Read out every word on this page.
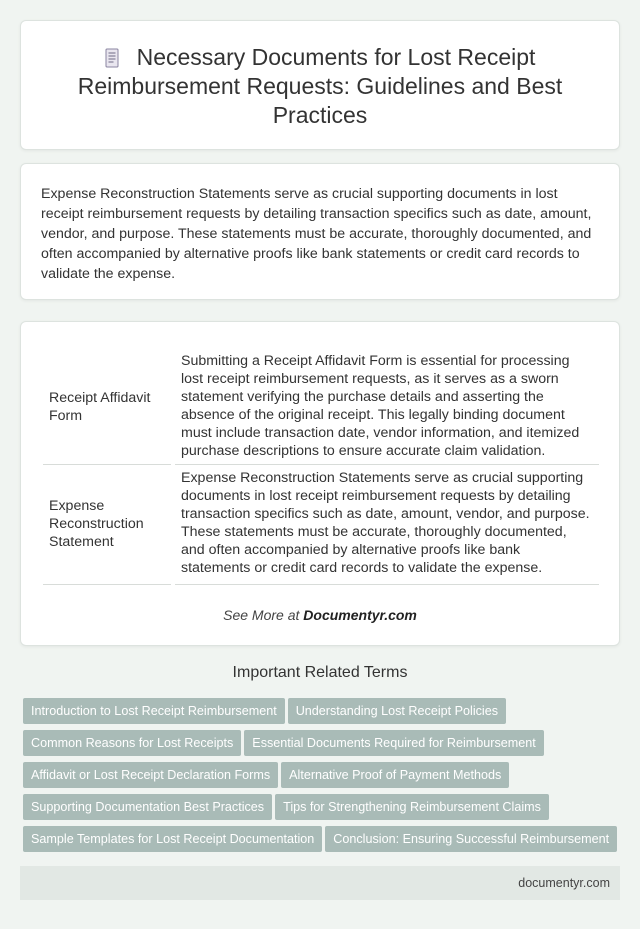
Necessary Documents for Lost Receipt Reimbursement Requests: Guidelines and Best Practices

Expense Reconstruction Statements serve as crucial supporting documents in lost receipt reimbursement requests by detailing transaction specifics such as date, amount, vendor, and purpose. These statements must be accurate, thoroughly documented, and often accompanied by alternative proofs like bank statements or credit card records to validate the expense.

Receipt Affidavit Form		Submitting a Receipt Affidavit Form is essential for processing lost receipt reimbursement requests, as it serves as a sworn statement verifying the purchase details and asserting the absence of the original receipt. This legally binding document must include transaction date, vendor information, and itemized purchase descriptions to ensure accurate claim validation.
Expense Reconstruction Statement		Expense Reconstruction Statements serve as crucial supporting documents in lost receipt reimbursement requests by detailing transaction specifics such as date, amount, vendor, and purpose. These statements must be accurate, thoroughly documented, and often accompanied by alternative proofs like bank statements or credit card records to validate the expense.
See More at Documentyr.com
Important Related Terms
Introduction to Lost Receipt Reimbursement Understanding Lost Receipt Policies
Common Reasons for Lost Receipts Essential Documents Required for Reimbursement
Affidavit or Lost Receipt Declaration Forms Alternative Proof of Payment Methods
Supporting Documentation Best Practices Tips for Strengthening Reimbursement Claims
Sample Templates for Lost Receipt Documentation Conclusion: Ensuring Successful Reimbursement
documentyr.com
